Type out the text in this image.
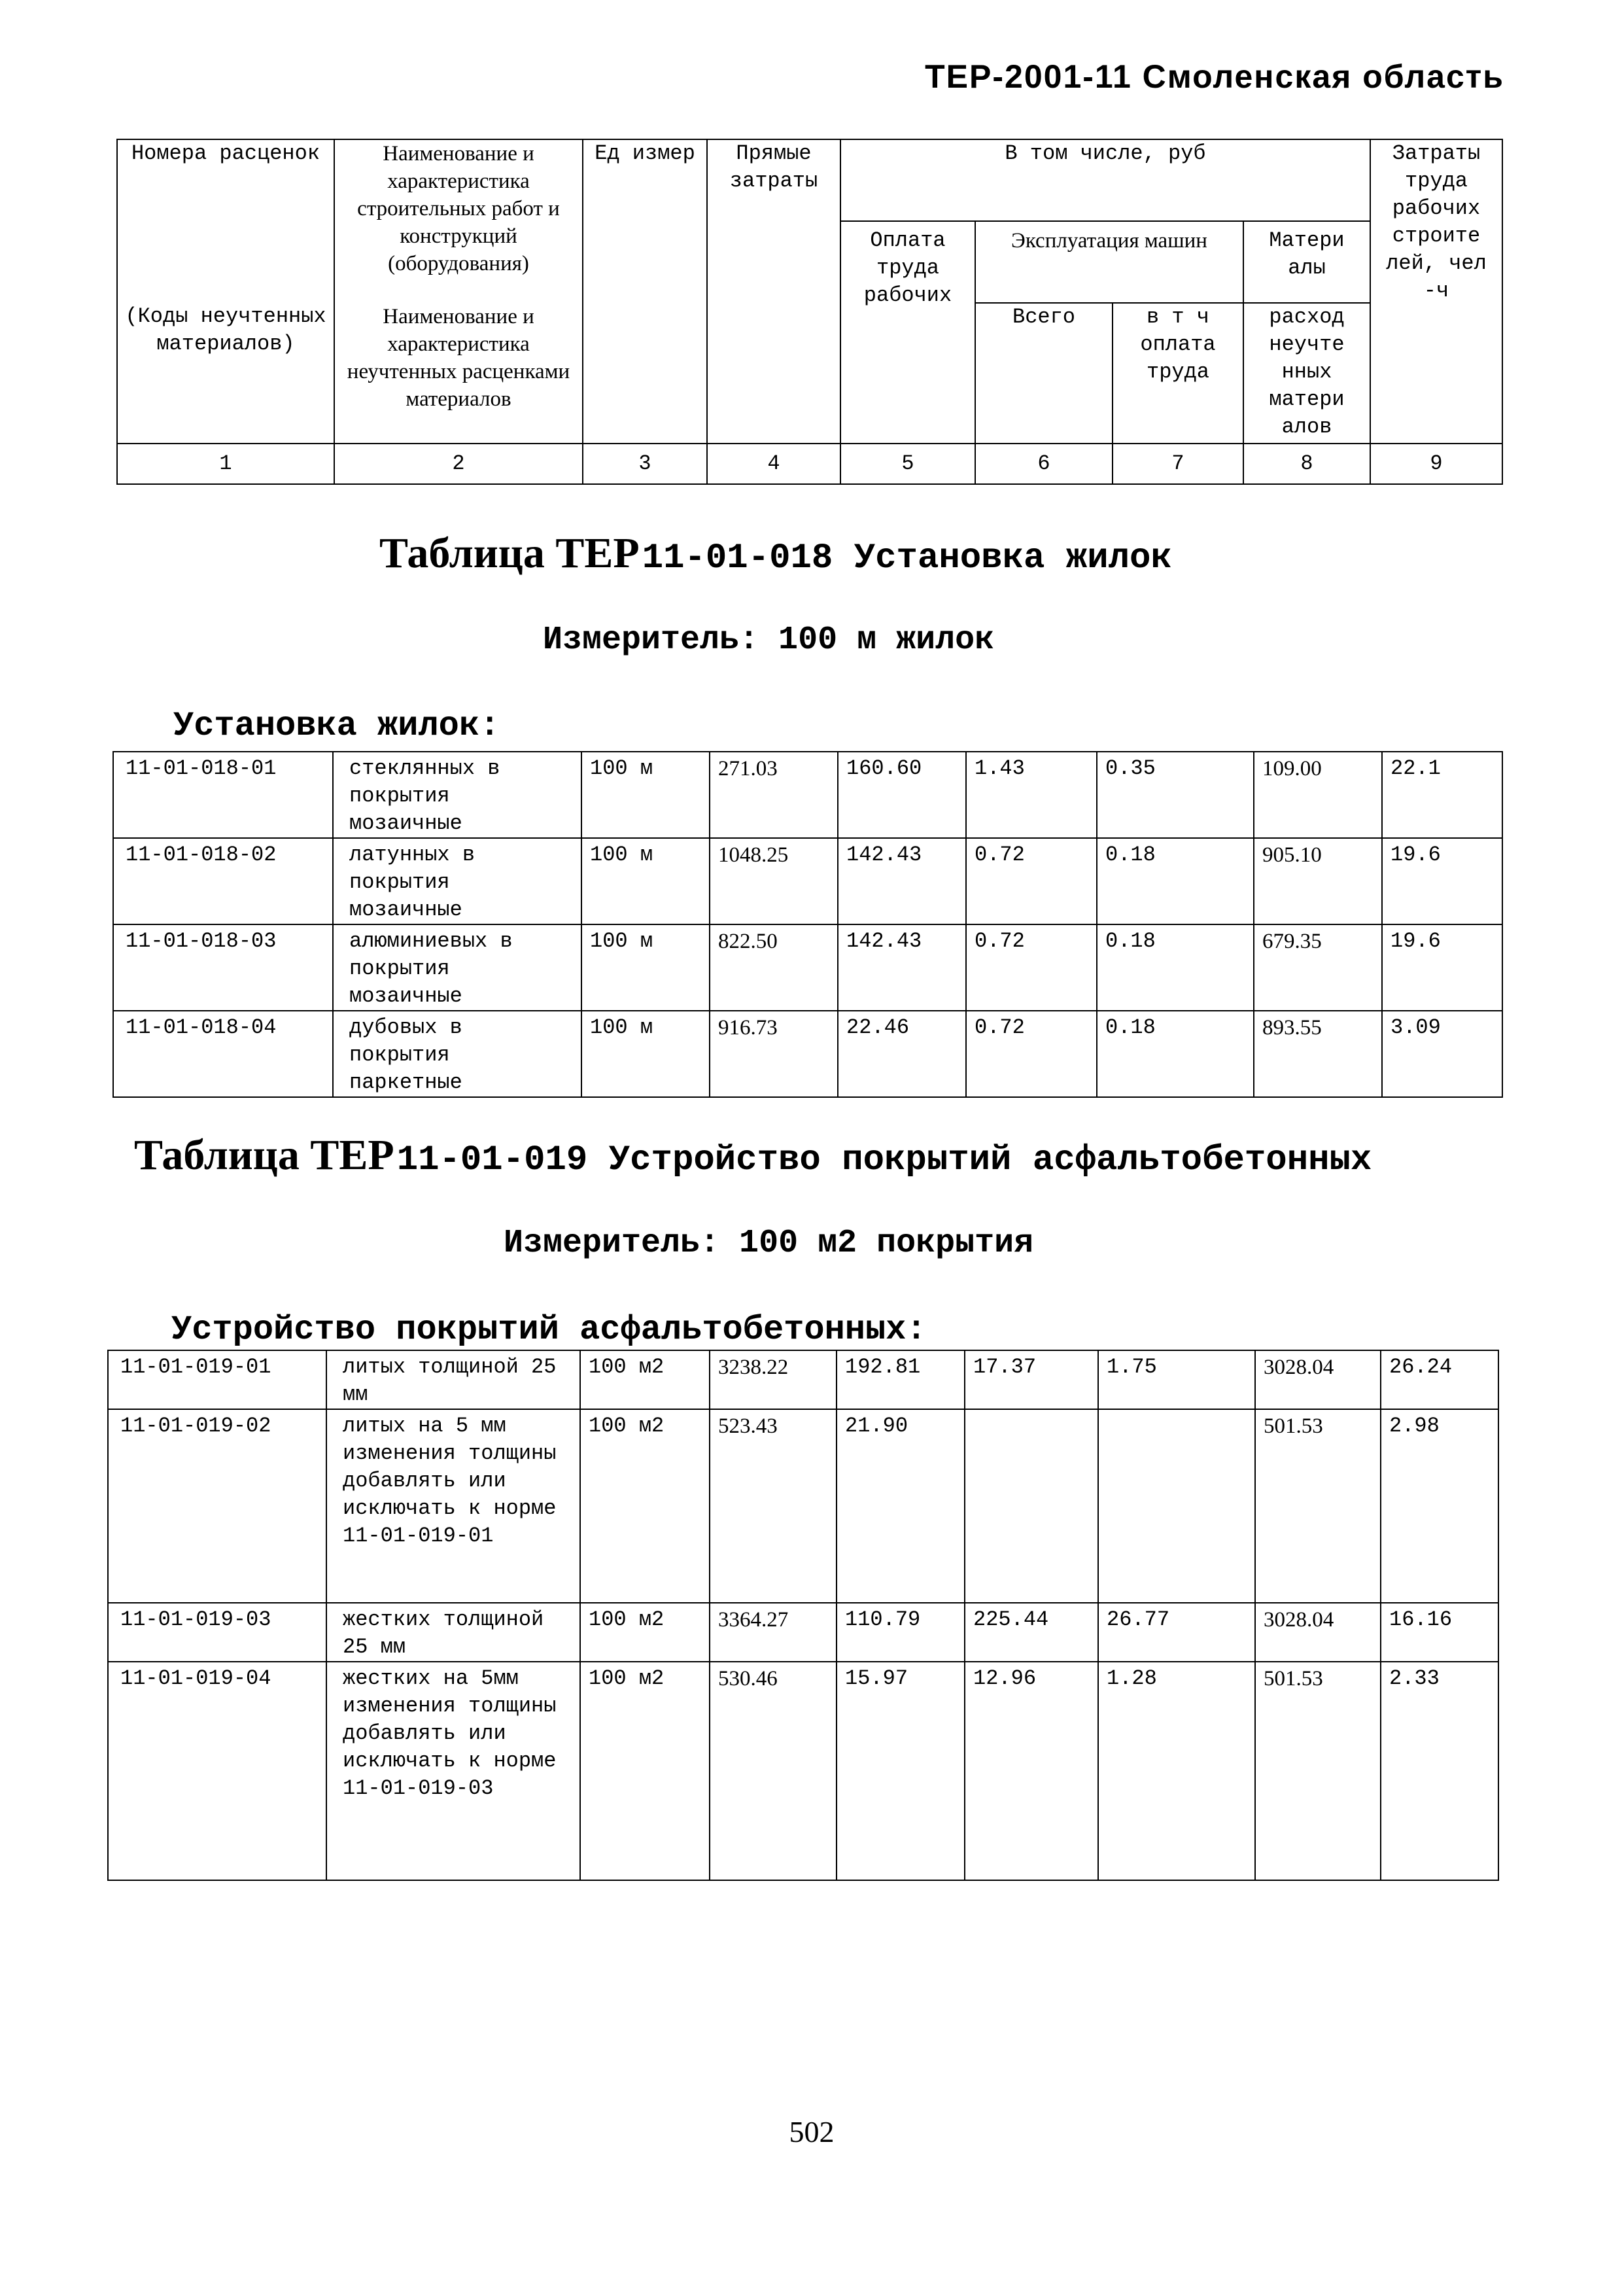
ТЕР-2001-11 Смоленская область
Номера расценок	Наименование и характеристика строительных работ и конструкций (оборудования)	Ед измер	Прямые затраты	В том числе, руб				Затраты труда рабочих строите лей, чел -ч
				Оплата труда рабочих	Эксплуатация машин		Матери алы	
(Коды неучтенных материалов)	Наименование и характеристика неучтенных расценками материалов				Всего	в т ч оплата труда	расход неучте нных матери алов	
1	2	3	4	5	6	7	8	9
Таблица ТЕР 11-01-018 Установка жилок
Измеритель: 100 м жилок
Установка жилок:
11-01-018-01	стеклянных в покрытия мозаичные	100 м	271.03	160.60	1.43	0.35	109.00	22.1
11-01-018-02	латунных в покрытия мозаичные	100 м	1048.25	142.43	0.72	0.18	905.10	19.6
11-01-018-03	алюминиевых в покрытия мозаичные	100 м	822.50	142.43	0.72	0.18	679.35	19.6
11-01-018-04	дубовых в покрытия паркетные	100 м	916.73	22.46	0.72	0.18	893.55	3.09
Таблица ТЕР 11-01-019 Устройство покрытий асфальтобетонных
Измеритель: 100 м2 покрытия
Устройство покрытий асфальтобетонных:
11-01-019-01	литых толщиной 25 мм	100 м2	3238.22	192.81	17.37	1.75	3028.04	26.24
11-01-019-02	литых на 5 мм изменения толщины добавлять или исключать к норме 11-01-019-01	100 м2	523.43	21.90			501.53	2.98
11-01-019-03	жестких толщиной 25 мм	100 м2	3364.27	110.79	225.44	26.77	3028.04	16.16
11-01-019-04	жестких на 5мм изменения толщины добавлять или исключать к норме 11-01-019-03	100 м2	530.46	15.97	12.96	1.28	501.53	2.33
502
